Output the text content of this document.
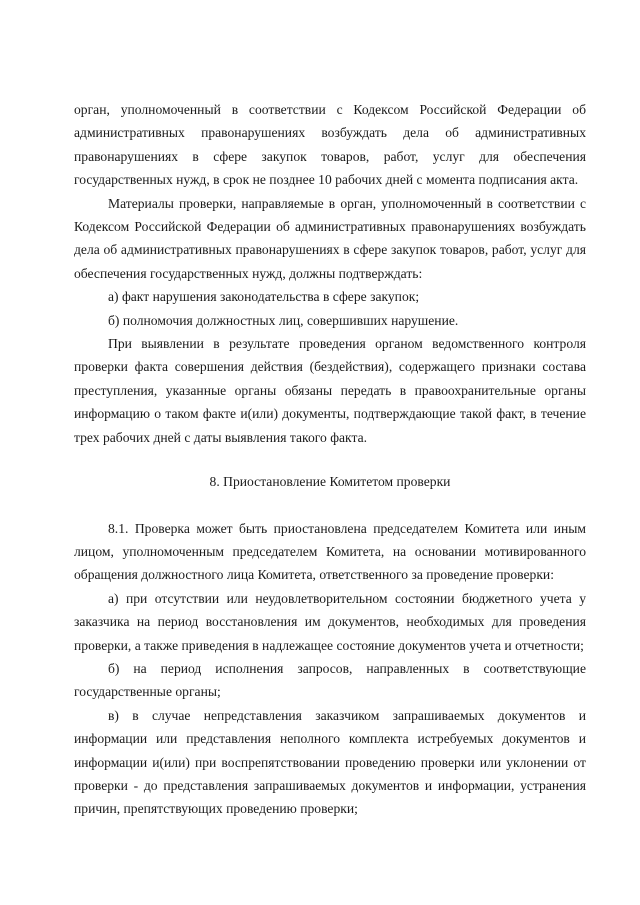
орган, уполномоченный в соответствии с Кодексом Российской Федерации об административных правонарушениях возбуждать дела об административных правонарушениях в сфере закупок товаров, работ, услуг для обеспечения государственных нужд, в срок не позднее 10 рабочих дней с момента подписания акта.

Материалы проверки, направляемые в орган, уполномоченный в соответствии с Кодексом Российской Федерации об административных правонарушениях возбуждать дела об административных правонарушениях в сфере закупок товаров, работ, услуг для обеспечения государственных нужд, должны подтверждать:

а) факт нарушения законодательства в сфере закупок;

б) полномочия должностных лиц, совершивших нарушение.

При выявлении в результате проведения органом ведомственного контроля проверки факта совершения действия (бездействия), содержащего признаки состава преступления, указанные органы обязаны передать в правоохранительные органы информацию о таком факте и(или) документы, подтверждающие такой факт, в течение трех рабочих дней с даты выявления такого факта.

8. Приостановление Комитетом проверки

8.1. Проверка может быть приостановлена председателем Комитета или иным лицом, уполномоченным председателем Комитета, на основании мотивированного обращения должностного лица Комитета, ответственного за проведение проверки:

а) при отсутствии или неудовлетворительном состоянии бюджетного учета у заказчика на период восстановления им документов, необходимых для проведения проверки, а также приведения в надлежащее состояние документов учета и отчетности;

б) на период исполнения запросов, направленных в соответствующие государственные органы;

в) в случае непредставления заказчиком запрашиваемых документов и информации или представления неполного комплекта истребуемых документов и информации и(или) при воспрепятствовании проведению проверки или уклонении от проверки - до представления запрашиваемых документов и информации, устранения причин, препятствующих проведению проверки;
